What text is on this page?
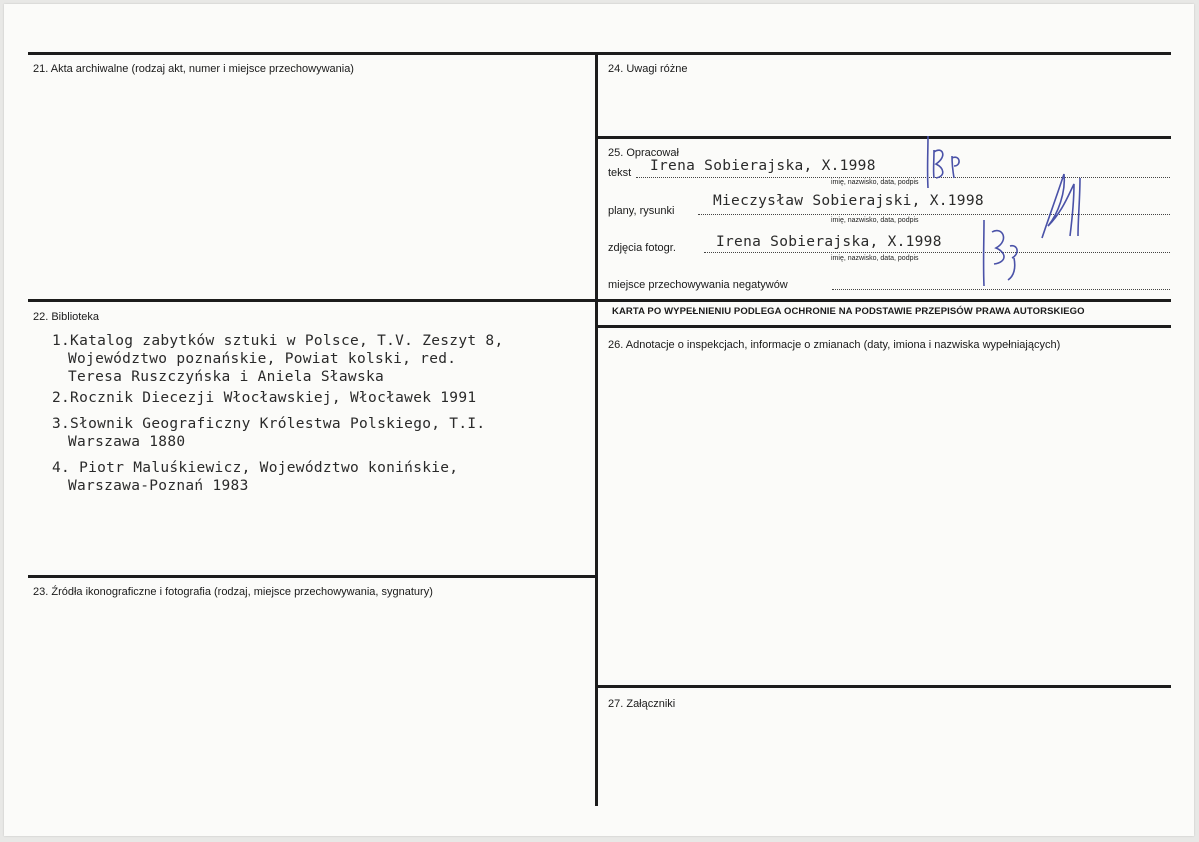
21. Akta archiwalne (rodzaj akt, numer i miejsce przechowywania)
22. Biblioteka
1.Katalog zabytków sztuki w Polsce, T.V. Zeszyt 8,
Województwo poznańskie, Powiat kolski, red.
Teresa Ruszczyńska i Aniela Sławska
2.Rocznik Diecezji Włocławskiej, Włocławek 1991
3.Słownik Geograficzny Królestwa Polskiego, T.I.
Warszawa 1880
4. Piotr Maluśkiewicz, Województwo konińskie,
Warszawa-Poznań 1983
23. Źródła ikonograficzne i fotografia (rodzaj, miejsce przechowywania, sygnatury)
24. Uwagi różne
25. Opracował
tekst Irena Sobierajska, X.1998
imię, nazwisko, data, podpis
plany, rysunki
Mieczysław Sobierajski, X.1998
imię, nazwisko, data, podpis
zdjęcia fotogr.	Irena Sobierajska, X.1998
imię, nazwisko, data, podpis
miejsce przechowywania negatywów
KARTA PO WYPEŁNIENIU PODLEGA OCHRONIE NA PODSTAWIE PRZEPISÓW PRAWA AUTORSKIEGO
26. Adnotacje o inspekcjach, informacje o zmianach (daty, imiona i nazwiska wypełniających)
27. Załączniki
